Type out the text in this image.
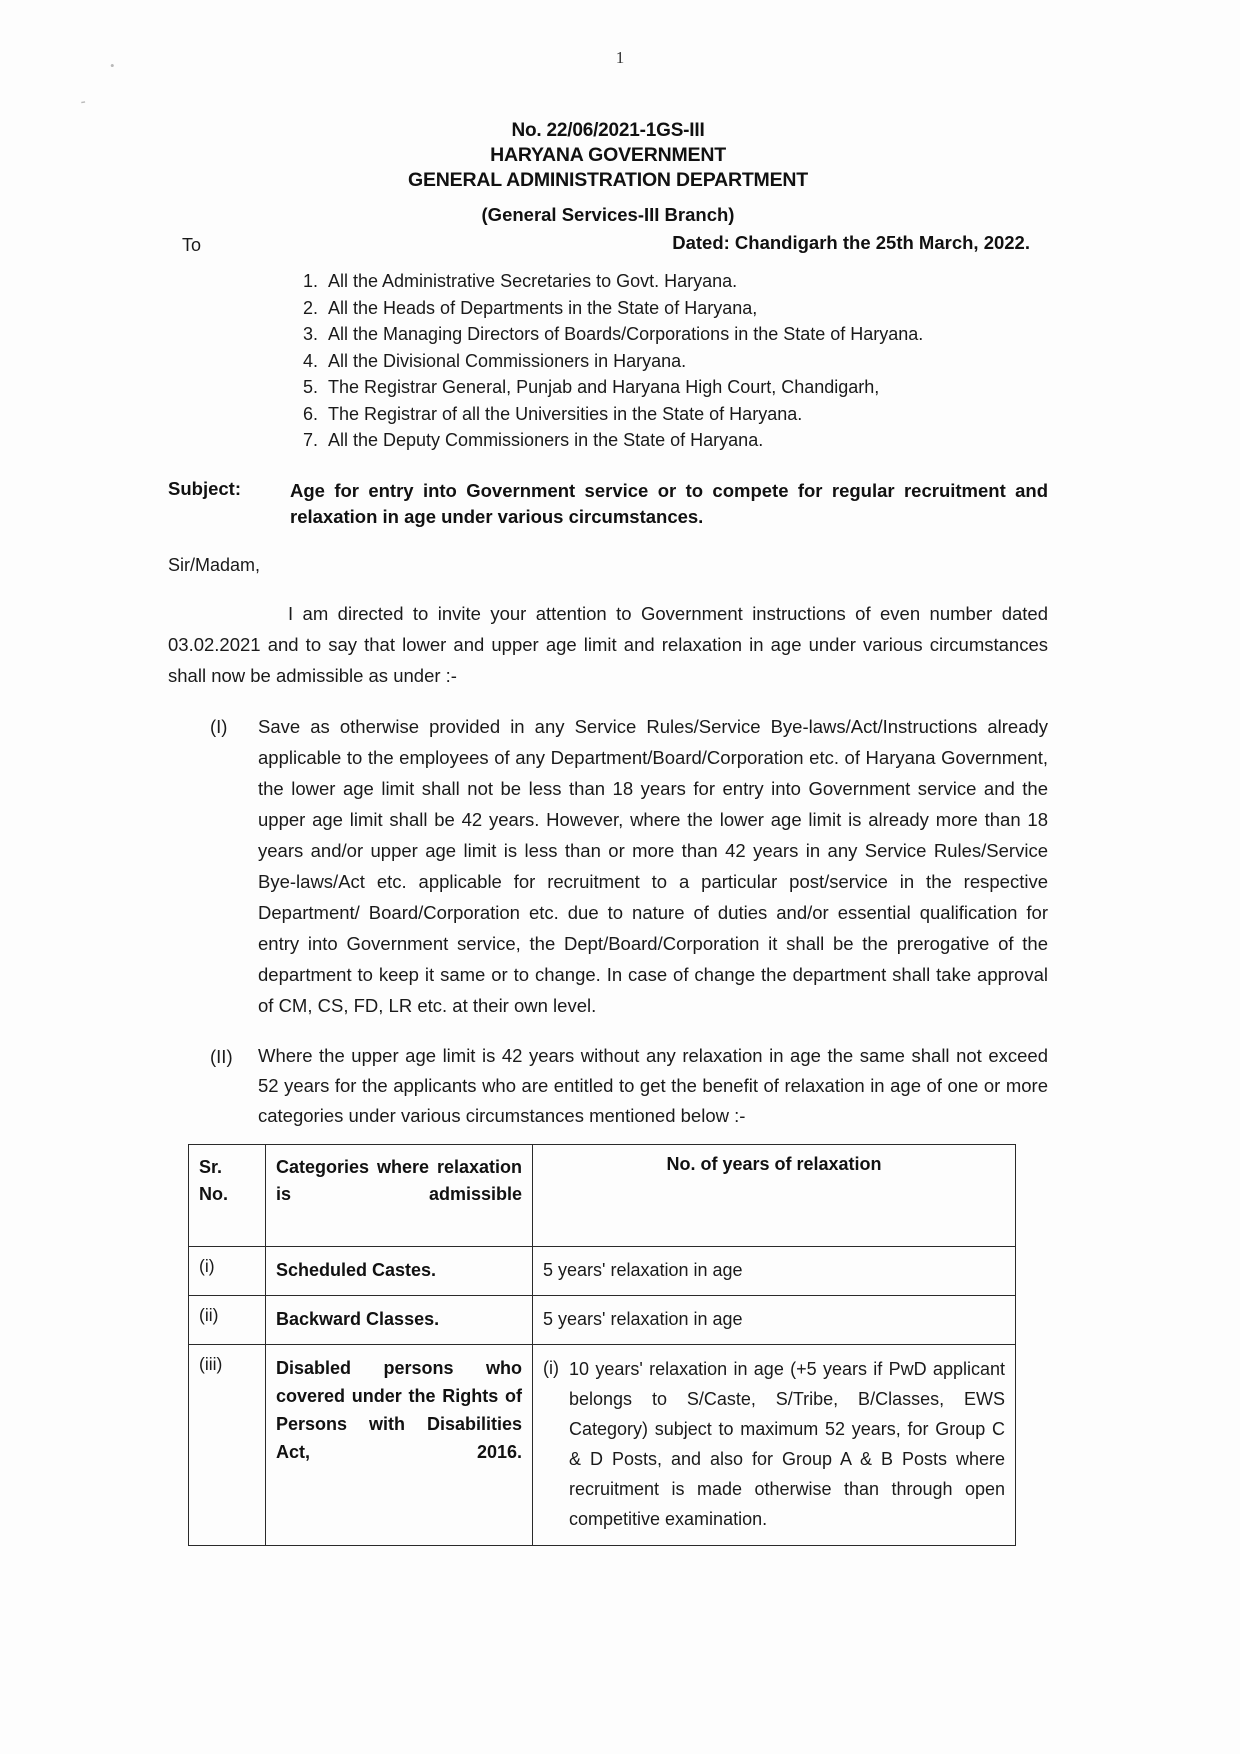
•
⁃
1
No. 22/06/2021-1GS-III
HARYANA GOVERNMENT
GENERAL ADMINISTRATION DEPARTMENT
(General Services-III Branch)
Dated: Chandigarh the 25th March, 2022.
To
1. All the Administrative Secretaries to Govt. Haryana.
2. All the Heads of Departments in the State of Haryana,
3. All the Managing Directors of Boards/Corporations in the State of Haryana.
4. All the Divisional Commissioners in Haryana.
5. The Registrar General, Punjab and Haryana High Court, Chandigarh,
6. The Registrar of all the Universities in the State of Haryana.
7. All the Deputy Commissioners in the State of Haryana.
Subject:	Age for entry into Government service or to compete for regular recruitment and relaxation in age under various circumstances.
Sir/Madam,
I am directed to invite your attention to Government instructions of even number dated 03.02.2021 and to say that lower and upper age limit and relaxation in age under various circumstances shall now be admissible as under :-
(I)	Save as otherwise provided in any Service Rules/Service Bye-laws/Act/Instructions already applicable to the employees of any Department/Board/Corporation etc. of Haryana Government, the lower age limit shall not be less than 18 years for entry into Government service and the upper age limit shall be 42 years. However, where the lower age limit is already more than 18 years and/or upper age limit is less than or more than 42 years in any Service Rules/Service Bye-laws/Act etc. applicable for recruitment to a particular post/service in the respective Department/ Board/Corporation etc. due to nature of duties and/or essential qualification for entry into Government service, the Dept/Board/Corporation it shall be the prerogative of the department to keep it same or to change. In case of change the department shall take approval of CM, CS, FD, LR etc. at their own level.
(II)	Where the upper age limit is 42 years without any relaxation in age the same shall not exceed 52 years for the applicants who are entitled to get the benefit of relaxation in age of one or more categories under various circumstances mentioned below :-
Sr.
No.	Categories where relaxation is admissible	No. of years of relaxation
(i)	Scheduled Castes.	5 years' relaxation in age
(ii)	Backward Classes.	5 years' relaxation in age
(iii)	Disabled persons who covered under the Rights of Persons with Disabilities Act, 2016.	(i) 10 years' relaxation in age (+5 years if PwD applicant belongs to S/Caste, S/Tribe, B/Classes, EWS Category) subject to maximum 52 years, for Group C & D Posts, and also for Group A & B Posts where recruitment is made otherwise than through open competitive examination.
